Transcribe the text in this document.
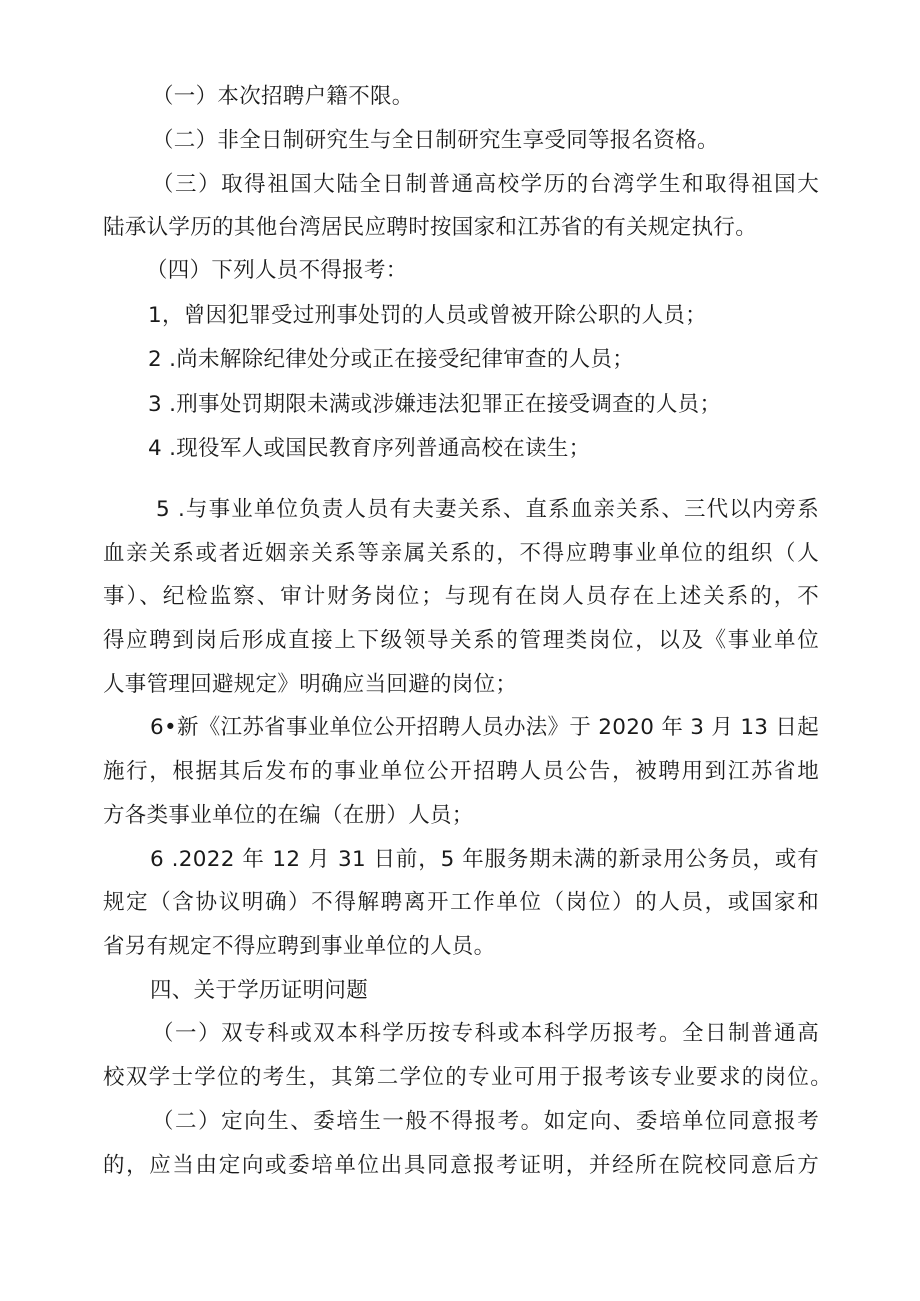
（一）本次招聘户籍不限。
（二）非全日制研究生与全日制研究生享受同等报名资格。
（三）取得祖国大陆全日制普通高校学历的台湾学生和取得祖国大
陆承认学历的其他台湾居民应聘时按国家和江苏省的有关规定执行。
（四）下列人员不得报考：
1，曾因犯罪受过刑事处罚的人员或曾被开除公职的人员；
2 .尚未解除纪律处分或正在接受纪律审查的人员；
3 .刑事处罚期限未满或涉嫌违法犯罪正在接受调查的人员；
4 .现役军人或国民教育序列普通高校在读生；
5 .与事业单位负责人员有夫妻关系、直系血亲关系、三代以内旁系
血亲关系或者近姻亲关系等亲属关系的，不得应聘事业单位的组织（人
事）、纪检监察、审计财务岗位；与现有在岗人员存在上述关系的，不
得应聘到岗后形成直接上下级领导关系的管理类岗位，以及《事业单位
人事管理回避规定》明确应当回避的岗位；
6•新《江苏省事业单位公开招聘人员办法》于 2020 年 3 月 13 日起
施行，根据其后发布的事业单位公开招聘人员公告，被聘用到江苏省地
方各类事业单位的在编（在册）人员；
6 .2022 年 12 月 31 日前，5 年服务期未满的新录用公务员，或有
规定（含协议明确）不得解聘离开工作单位（岗位）的人员，或国家和
省另有规定不得应聘到事业单位的人员。
四、关于学历证明问题
（一）双专科或双本科学历按专科或本科学历报考。全日制普通高
校双学士学位的考生，其第二学位的专业可用于报考该专业要求的岗位。
（二）定向生、委培生一般不得报考。如定向、委培单位同意报考
的，应当由定向或委培单位出具同意报考证明，并经所在院校同意后方
